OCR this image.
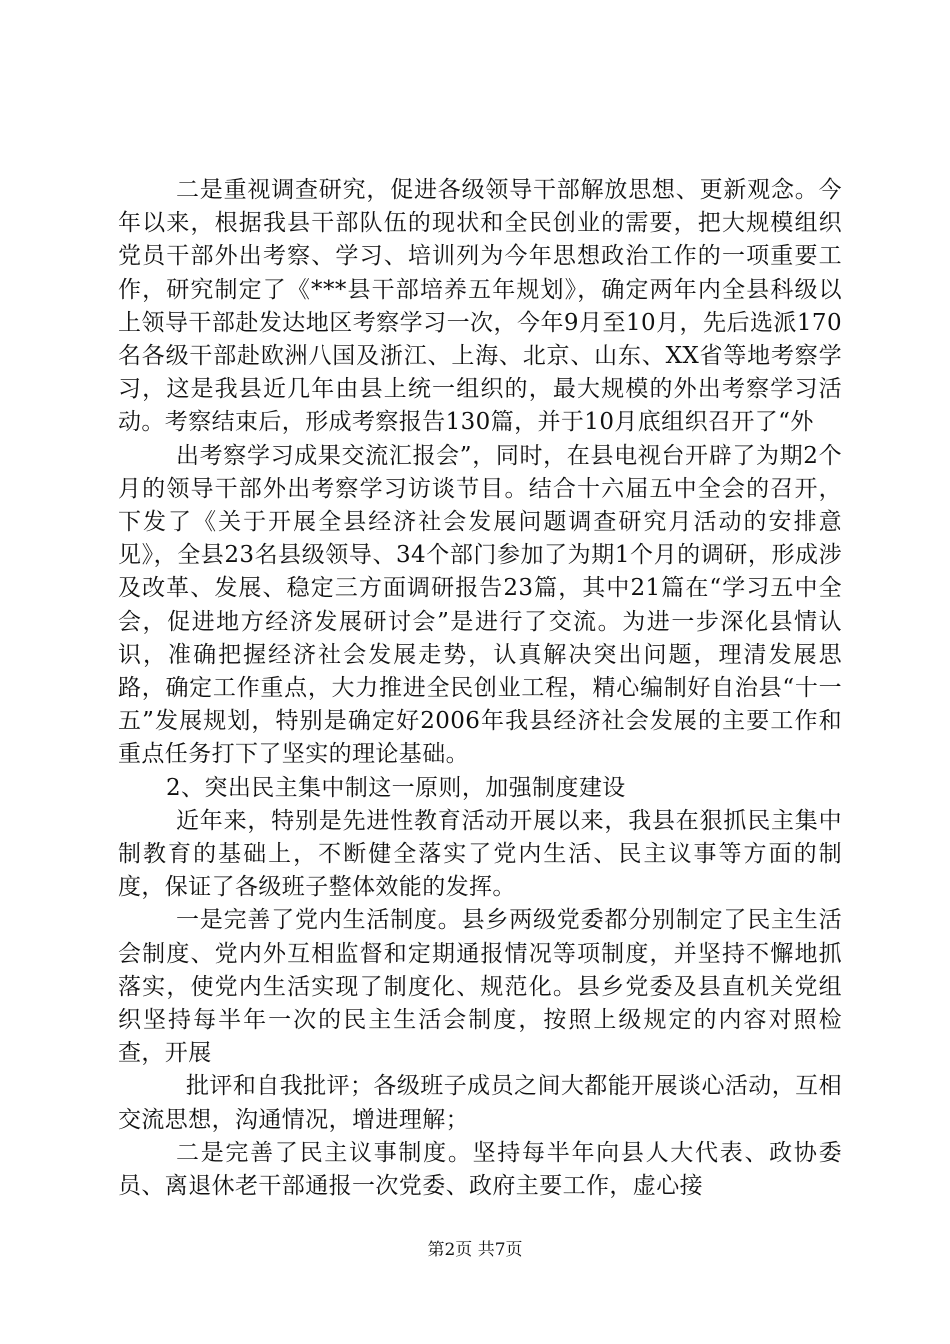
二是重视调查研究，促进各级领导干部解放思想、更新观念。今年以来，根据我县干部队伍的现状和全民创业的需要，把大规模组织党员干部外出考察、学习、培训列为今年思想政治工作的一项重要工作，研究制定了《***县干部培养五年规划》，确定两年内全县科级以上领导干部赴发达地区考察学习一次，今年9月至10月，先后选派170名各级干部赴欧洲八国及浙江、上海、北京、山东、XX省等地考察学习，这是我县近几年由县上统一组织的，最大规模的外出考察学习活动。考察结束后，形成考察报告130篇，并于10月底组织召开了“外

出考察学习成果交流汇报会”，同时，在县电视台开辟了为期2个月的领导干部外出考察学习访谈节目。结合十六届五中全会的召开，下发了《关于开展全县经济社会发展问题调查研究月活动的安排意见》，全县23名县级领导、34个部门参加了为期1个月的调研，形成涉及改革、发展、稳定三方面调研报告23篇，其中21篇在“学习五中全会，促进地方经济发展研讨会”是进行了交流。为进一步深化县情认识，准确把握经济社会发展走势，认真解决突出问题，理清发展思路，确定工作重点，大力推进全民创业工程，精心编制好自治县“十一五”发展规划，特别是确定好2006年我县经济社会发展的主要工作和重点任务打下了坚实的理论基础。

2、突出民主集中制这一原则，加强制度建设

近年来，特别是先进性教育活动开展以来，我县在狠抓民主集中制教育的基础上，不断健全落实了党内生活、民主议事等方面的制度，保证了各级班子整体效能的发挥。

一是完善了党内生活制度。县乡两级党委都分别制定了民主生活会制度、党内外互相监督和定期通报情况等项制度，并坚持不懈地抓落实，使党内生活实现了制度化、规范化。县乡党委及县直机关党组织坚持每半年一次的民主生活会制度，按照上级规定的内容对照检查，开展

批评和自我批评；各级班子成员之间大都能开展谈心活动，互相交流思想，沟通情况，增进理解；

二是完善了民主议事制度。坚持每半年向县人大代表、政协委员、离退休老干部通报一次党委、政府主要工作，虚心接

第2页 共7页
